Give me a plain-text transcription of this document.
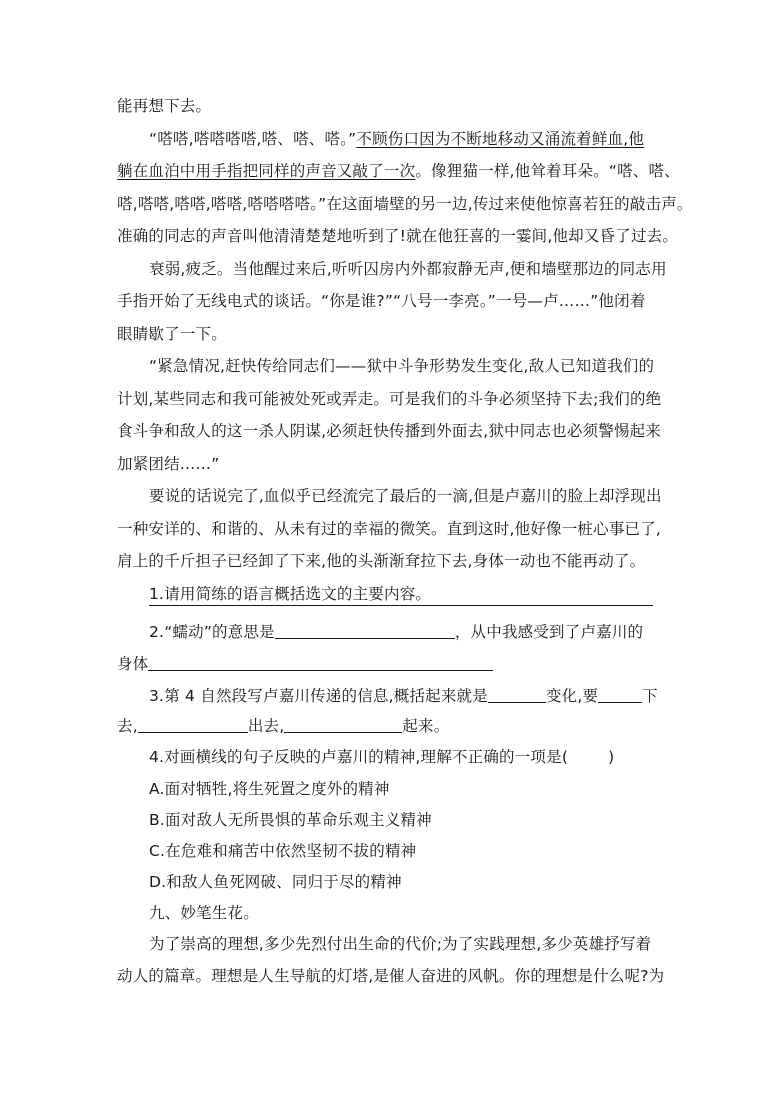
能再想下去。
“嗒嗒,嗒嗒嗒嗒,嗒、嗒、嗒。”不顾伤口因为不断地移动又涌流着鲜血,他
躺在血泊中用手指把同样的声音又敲了一次。像狸猫一样,他耸着耳朵。“嗒、嗒、
嗒,嗒嗒,嗒嗒,嗒嗒,嗒嗒嗒嗒。”在这面墙壁的另一边,传过来使他惊喜若狂的敲击声。
准确的同志的声音叫他清清楚楚地听到了!就在他狂喜的一霎间,他却又昏了过去。
衰弱,疲乏。当他醒过来后,听听囚房内外都寂静无声,便和墙壁那边的同志用
手指开始了无线电式的谈话。“你是谁?”“八号一李亮。”一号—卢……”他闭着
眼睛歇了一下。
“紧急情况,赶快传给同志们——狱中斗争形势发生变化,敌人已知道我们的
计划,某些同志和我可能被处死或弄走。可是我们的斗争必须坚持下去;我们的绝
食斗争和敌人的这一杀人阴谋,必须赶快传播到外面去,狱中同志也必须警惕起来
加紧团结……”
要说的话说完了,血似乎已经流完了最后的一滴,但是卢嘉川的脸上却浮现出
一种安详的、和谐的、从未有过的幸福的微笑。直到这时,他好像一桩心事已了,
肩上的千斤担子已经卸了下来,他的头渐渐耷拉下去,身体一动也不能再动了。
1.请用简练的语言概括选文的主要内容。
2.“蠕动”的意思是	，从中我感受到了卢嘉川的
身体
3.第 4 自然段写卢嘉川传递的信息,概括起来就是	变化,要	下
去,	出去,	起来。
4.对画横线的句子反映的卢嘉川的精神,理解不正确的一项是(	)
A.面对牺牲,将生死置之度外的精神
B.面对敌人无所畏惧的革命乐观主义精神
C.在危难和痛苦中依然坚韧不拔的精神
D.和敌人鱼死网破、同归于尽的精神
九、妙笔生花。
为了崇高的理想,多少先烈付出生命的代价;为了实践理想,多少英雄抒写着
动人的篇章。理想是人生导航的灯塔,是催人奋进的风帆。你的理想是什么呢?为
